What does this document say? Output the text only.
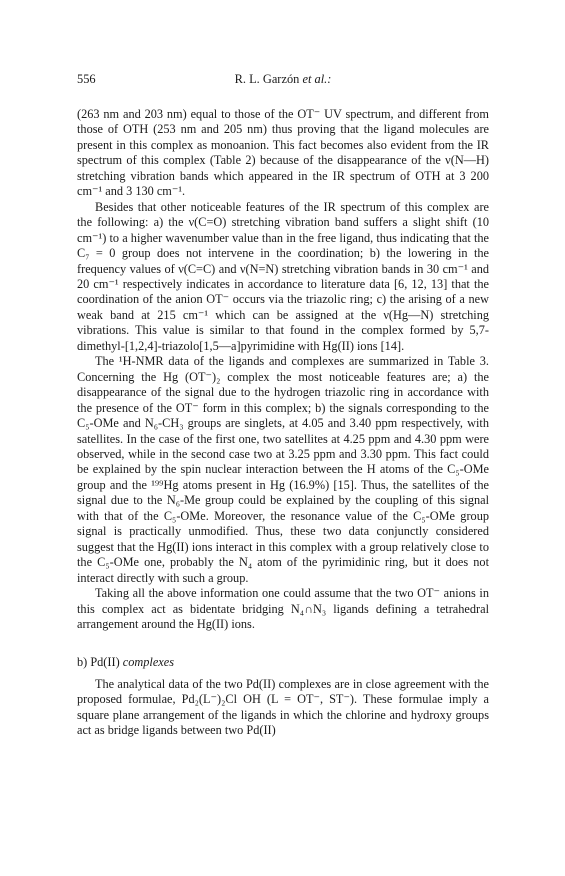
556	R. L. Garzón et al.:

(263 nm and 203 nm) equal to those of the OT⁻ UV spectrum, and different from those of OTH (253 nm and 205 nm) thus proving that the ligand molecules are present in this complex as monoanion. This fact becomes also evident from the IR spectrum of this complex (Table 2) because of the disappearance of the ν(N—H) stretching vibration bands which appeared in the IR spectrum of OTH at 3 200 cm⁻¹ and 3 130 cm⁻¹.

Besides that other noticeable features of the IR spectrum of this complex are the following: a) the ν(C=O) stretching vibration band suffers a slight shift (10 cm⁻¹) to a higher wavenumber value than in the free ligand, thus indicating that the C₇ = 0 group does not intervene in the coordination; b) the lowering in the frequency values of ν(C=C) and ν(N=N) stretching vibration bands in 30 cm⁻¹ and 20 cm⁻¹ respectively indicates in accordance to literature data [6, 12, 13] that the coordination of the anion OT⁻ occurs via the triazolic ring; c) the arising of a new weak band at 215 cm⁻¹ which can be assigned at the ν(Hg—N) stretching vibrations. This value is similar to that found in the complex formed by 5,7-dimethyl-[1,2,4]-triazolo[1,5—a]pyrimidine with Hg(II) ions [14].

The ¹H-NMR data of the ligands and complexes are summarized in Table 3. Concerning the Hg (OT⁻)₂ complex the most noticeable features are; a) the disappearance of the signal due to the hydrogen triazolic ring in accordance with the presence of the OT⁻ form in this complex; b) the signals corresponding to the C₅-OMe and N₆-CH₃ groups are singlets, at 4.05 and 3.40 ppm respectively, with satellites. In the case of the first one, two satellites at 4.25 ppm and 4.30 ppm were observed, while in the second case two at 3.25 ppm and 3.30 ppm. This fact could be explained by the spin nuclear interaction between the H atoms of the C₅-OMe group and the ¹⁹⁹Hg atoms present in Hg (16.9%) [15]. Thus, the satellites of the signal due to the N₆-Me group could be explained by the coupling of this signal with that of the C₅-OMe. Moreover, the resonance value of the C₅-OMe group signal is practically unmodified. Thus, these two data conjunctly considered suggest that the Hg(II) ions interact in this complex with a group relatively close to the C₅-OMe one, probably the N₄ atom of the pyrimidinic ring, but it does not interact directly with such a group.

Taking all the above information one could assume that the two OT⁻ anions in this complex act as bidentate bridging N₄∩N₃ ligands defining a tetrahedral arrangement around the Hg(II) ions.

b) Pd(II) complexes

The analytical data of the two Pd(II) complexes are in close agreement with the proposed formulae, Pd₂(L⁻)₂Cl OH (L = OT⁻, ST⁻). These formulae imply a square plane arrangement of the ligands in which the chlorine and hydroxy groups act as bridge ligands between two Pd(II)
